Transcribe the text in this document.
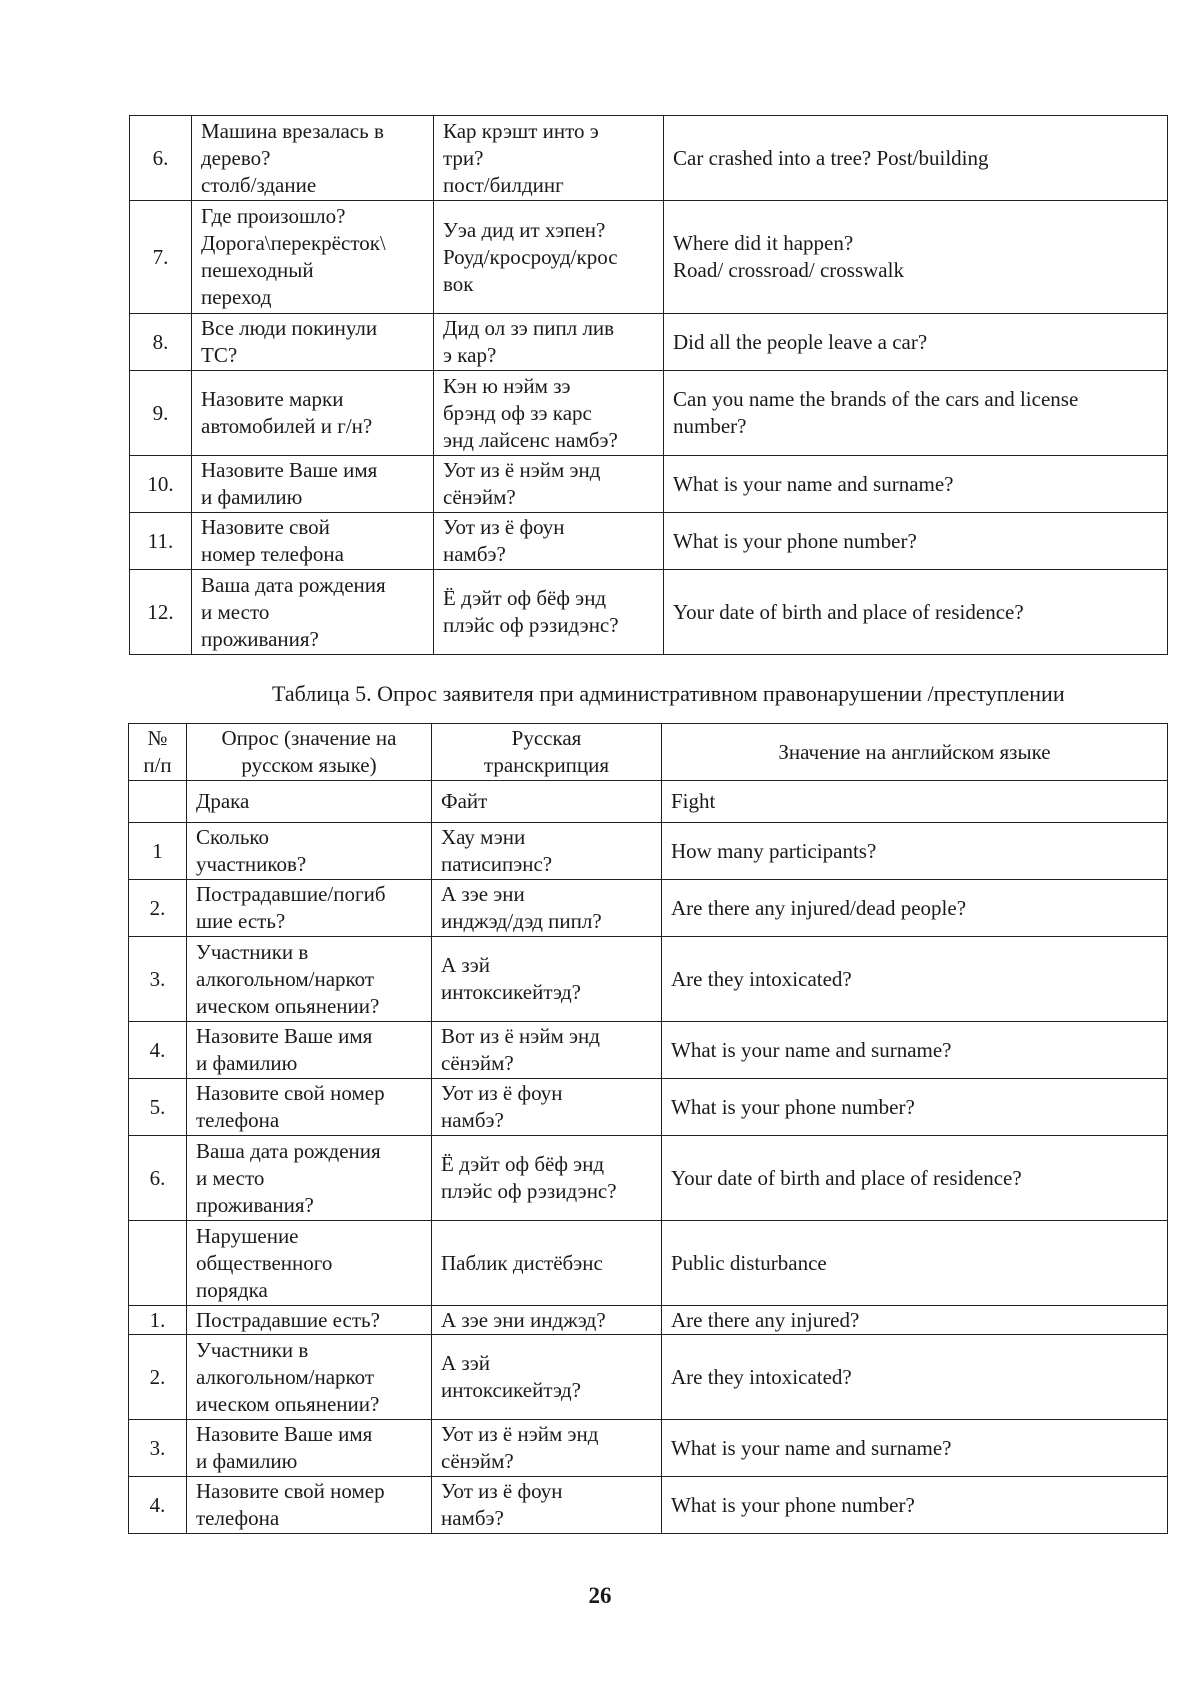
6.	Машина врезалась в
дерево?
столб/здание	Кар крэшт инто э
три?
пост/билдинг	Car crashed into a tree? Post/building
7.	Где произошло?
Дорога\перекрёсток\
пешеходный
переход	Уэа дид ит хэпен?
Роуд/кросроуд/крос
вок	Where did it happen?
Road/ crossroad/ crosswalk
8.	Все люди покинули
ТС?	Дид ол зэ пипл лив
э кар?	Did all the people leave a car?
9.	Назовите марки
автомобилей и г/н?	Кэн ю нэйм зэ
брэнд оф зэ карс
энд лайсенс намбэ?	Can you name the brands of the cars and license
number?
10.	Назовите Ваше имя
и фамилию	Уот из ё нэйм энд
сёнэйм?	What is your name and surname?
11.	Назовите свой
номер телефона	Уот из ё фоун
намбэ?	What is your phone number?
12.	Ваша дата рождения
и место
проживания?	Ё дэйт оф бёф энд
плэйс оф рэзидэнс?	Your date of birth and place of residence?
Таблица 5. Опрос заявителя при административном правонарушении /преступлении
№
п/п	Опрос (значение на
русском языке)	Русская
транскрипция	Значение на английском языке
	Драка	Файт	Fight
1	Сколько
участников?	Хау мэни
патисипэнс?	How many participants?
2.	Пострадавшие/погиб
шие есть?	А зэе эни
инджэд/дэд пипл?	Are there any injured/dead people?
3.	Участники в
алкогольном/наркот
ическом опьянении?	А зэй
интоксикейтэд?	Are they intoxicated?
4.	Назовите Ваше имя
и фамилию	Вот из ё нэйм энд
сёнэйм?	What is your name and surname?
5.	Назовите свой номер
телефона	Уот из ё фоун
намбэ?	What is your phone number?
6.	Ваша дата рождения
и место
проживания?	Ё дэйт оф бёф энд
плэйс оф рэзидэнс?	Your date of birth and place of residence?
	Нарушение
общественного
порядка	Паблик дистёбэнс	Public disturbance
1.	Пострадавшие есть?	А зэе эни инджэд?	Are there any injured?
2.	Участники в
алкогольном/наркот
ическом опьянении?	А зэй
интоксикейтэд?	Are they intoxicated?
3.	Назовите Ваше имя
и фамилию	Уот из ё нэйм энд
сёнэйм?	What is your name and surname?
4.	Назовите свой номер
телефона	Уот из ё фоун
намбэ?	What is your phone number?
26
